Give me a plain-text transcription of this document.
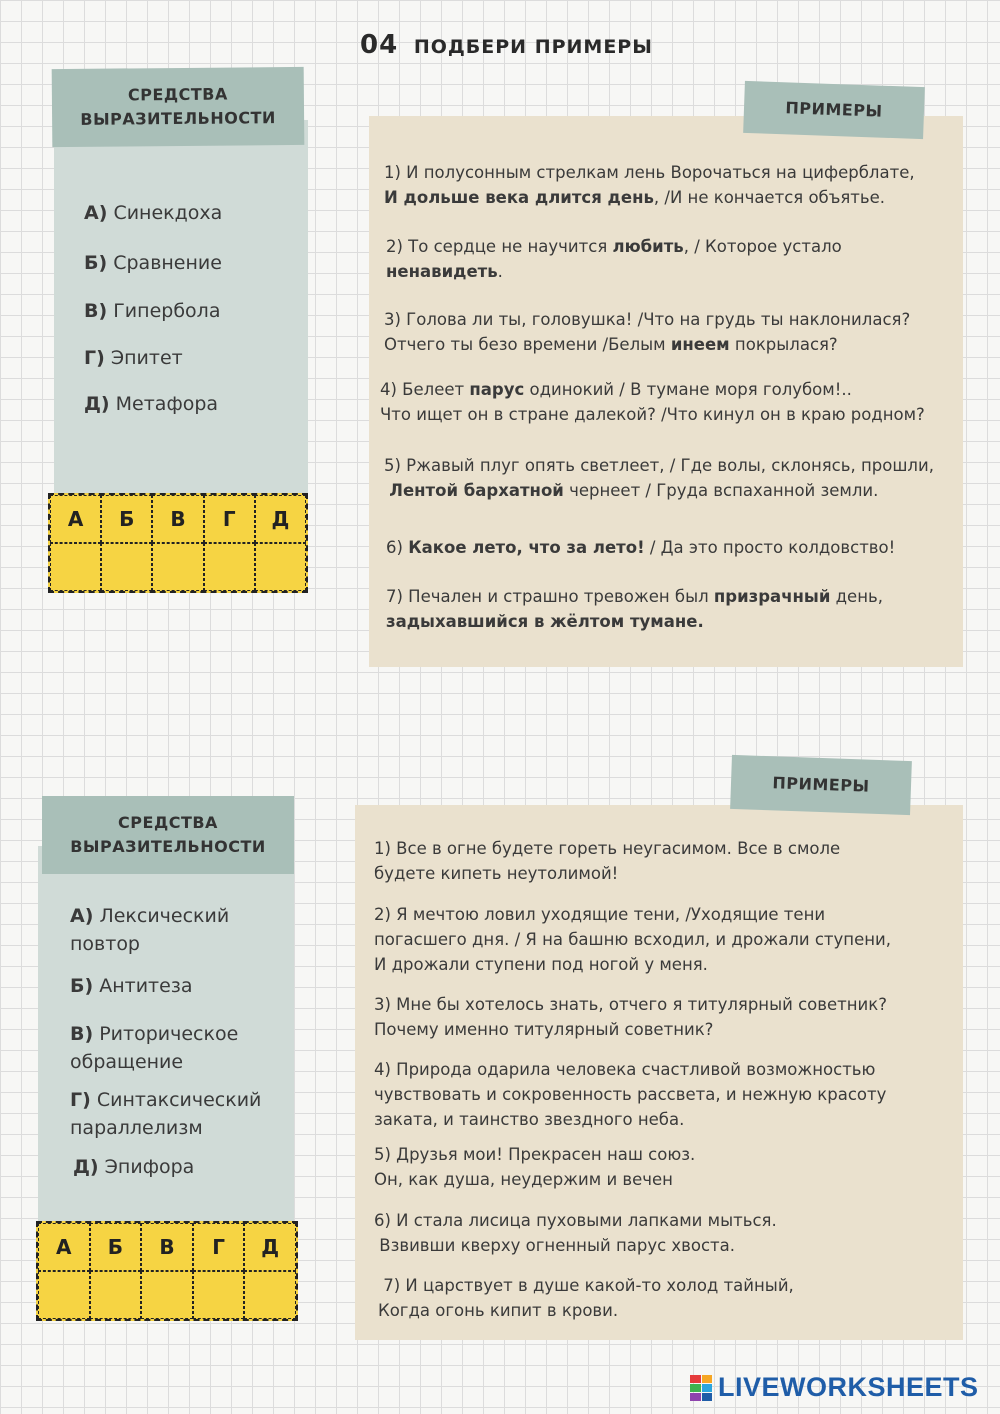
04 ПОДБЕРИ ПРИМЕРЫ
СРЕДСТВА
ВЫРАЗИТЕЛЬНОСТИ
А) Синекдоха
Б) Сравнение
В) Гипербола
Г) Эпитет
Д) Метафора
А	Б	В	Г	Д
ПРИМЕРЫ
1) И полусонным стрелкам лень Ворочаться на циферблате,
И дольше века длится день, /И не кончается объятье.
2) То сердце не научится любить, / Которое устало
ненавидеть.
3) Голова ли ты, головушка! /Что на грудь ты наклонилася?
Отчего ты безо времени /Белым инеем покрылася?
4) Белеет парус одинокий / В тумане моря голубом!..
Что ищет он в стране далекой? /Что кинул он в краю родном?
5) Ржавый плуг опять светлеет, / Где волы, склонясь, прошли,
Лентой бархатной чернеет / Груда вспаханной земли.
6) Какое лето, что за лето! / Да это просто колдовство!
7) Печален и страшно тревожен был призрачный день,
задыхавшийся в жёлтом тумане.
СРЕДСТВА
ВЫРАЗИТЕЛЬНОСТИ
А) Лексический повтор
Б) Антитеза
В) Риторическое обращение
Г) Синтаксический параллелизм
Д) Эпифора
А	Б	В	Г	Д
ПРИМЕРЫ
1) Все в огне будете гореть неугасимом. Все в смоле
будете кипеть неутолимой!
2) Я мечтою ловил уходящие тени, /Уходящие тени
погасшего дня. / Я на башню всходил, и дрожали ступени,
И дрожали ступени под ногой у меня.
3) Мне бы хотелось знать, отчего я титулярный советник?
Почему именно титулярный советник?
4) Природа одарила человека счастливой возможностью
чувствовать и сокровенность рассвета, и нежную красоту
заката, и таинство звездного неба.
5) Друзья мои! Прекрасен наш союз.
Он, как душа, неудержим и вечен
6) И стала лисица пуховыми лапками мыться.
Взвивши кверху огненный парус хвоста.
7) И царствует в душе какой-то холод тайный,
Когда огонь кипит в крови.
LIVEWORKSHEETS
